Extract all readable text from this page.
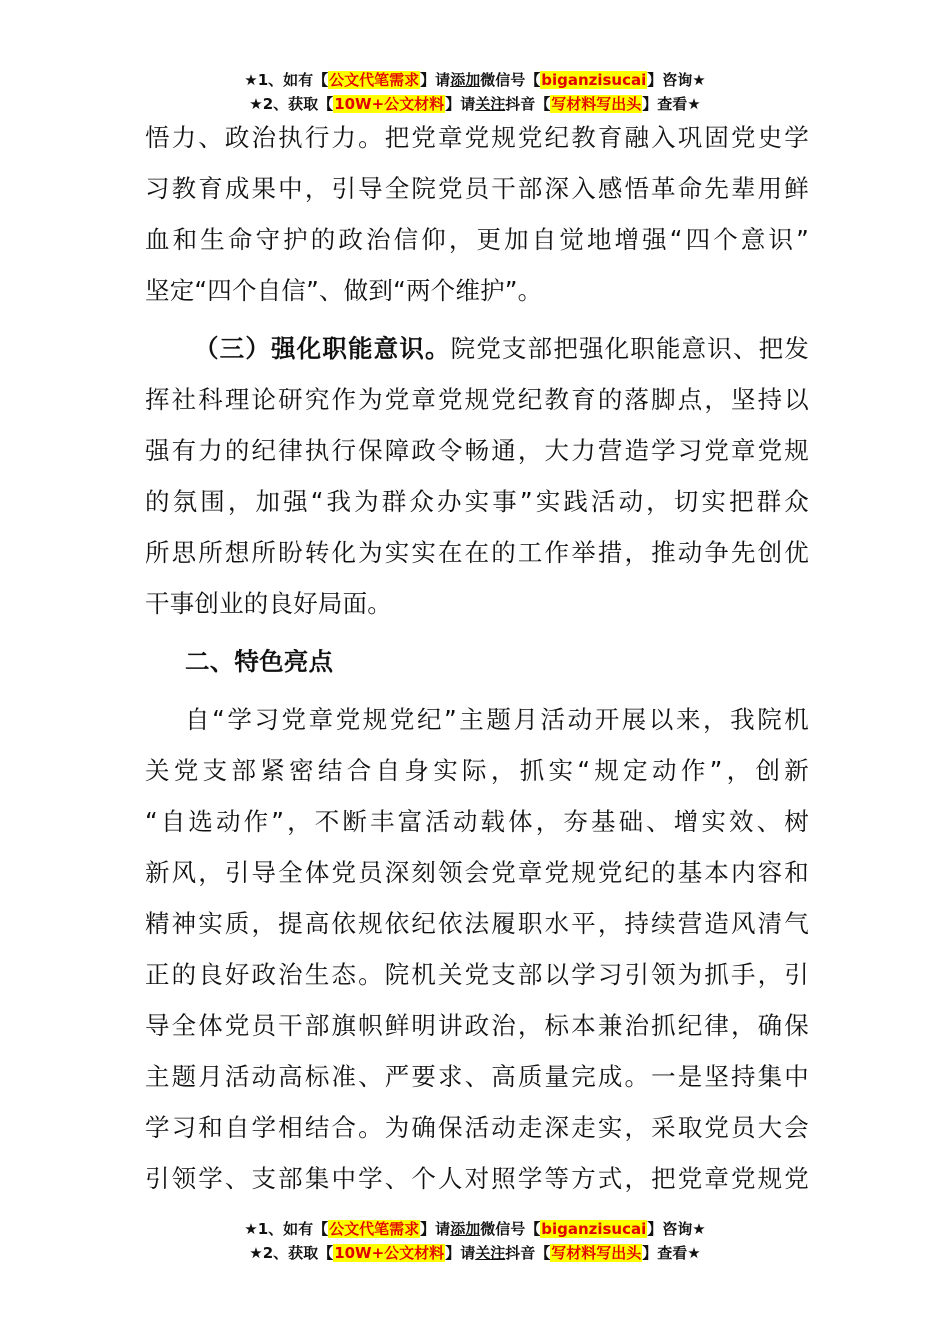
★1、如有【公文代笔需求】请添加微信号【biganzisucai】咨询★
★2、获取【10W+公文材料】请关注抖音【写材料写出头】查看★

悟力、政治执行力。把党章党规党纪教育融入巩固党史学
习教育成果中，引导全院党员干部深入感悟革命先辈用鲜
血和生命守护的政治信仰，更加自觉地增强“四个意识”
坚定“四个自信”、做到“两个维护”。

（三）强化职能意识。院党支部把强化职能意识、把发
挥社科理论研究作为党章党规党纪教育的落脚点，坚持以
强有力的纪律执行保障政令畅通，大力营造学习党章党规
的氛围，加强“我为群众办实事”实践活动，切实把群众
所思所想所盼转化为实实在在的工作举措，推动争先创优
干事创业的良好局面。

二、特色亮点

自“学习党章党规党纪”主题月活动开展以来，我院机
关党支部紧密结合自身实际，抓实“规定动作”，创新
“自选动作”，不断丰富活动载体，夯基础、增实效、树
新风，引导全体党员深刻领会党章党规党纪的基本内容和
精神实质，提高依规依纪依法履职水平，持续营造风清气
正的良好政治生态。院机关党支部以学习引领为抓手，引
导全体党员干部旗帜鲜明讲政治，标本兼治抓纪律，确保
主题月活动高标准、严要求、高质量完成。一是坚持集中
学习和自学相结合。为确保活动走深走实，采取党员大会
引领学、支部集中学、个人对照学等方式，把党章党规党

★1、如有【公文代笔需求】请添加微信号【biganzisucai】咨询★
★2、获取【10W+公文材料】请关注抖音【写材料写出头】查看★
